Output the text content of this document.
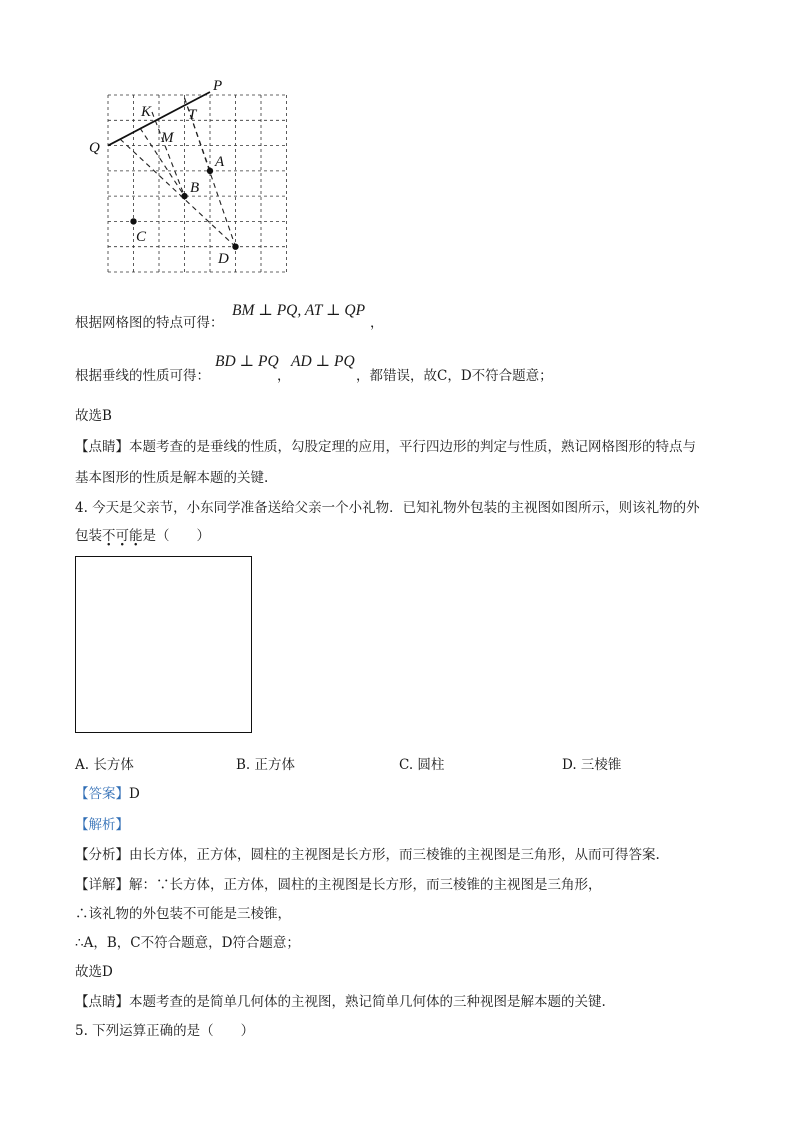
P
Q
K T
M
A
B
C
D
根据网格图的特点可得：
BM ⊥ PQ, AT ⊥ QP
，
根据垂线的性质可得：
BD ⊥ PQ
，
AD ⊥ PQ
，都错误，故C，D不符合题意；
故选B
【点睛】本题考查的是垂线的性质，勾股定理的应用，平行四边形的判定与性质，熟记网格图形的特点与
基本图形的性质是解本题的关键.
4. 今天是父亲节，小东同学准备送给父亲一个小礼物．已知礼物外包装的主视图如图所示，则该礼物的外
包装不可能是（　　）
A. 长方体	B. 正方体	C. 圆柱	D. 三棱锥
【答案】D
【解析】
【分析】由长方体，正方体，圆柱的主视图是长方形，而三棱锥的主视图是三角形，从而可得答案.
【详解】解：∵长方体，正方体，圆柱的主视图是长方形，而三棱锥的主视图是三角形，
∴该礼物的外包装不可能是三棱锥，
∴A，B，C不符合题意，D符合题意；
故选D
【点睛】本题考查的是简单几何体的主视图，熟记简单几何体的三种视图是解本题的关键.
5. 下列运算正确的是（　　）
